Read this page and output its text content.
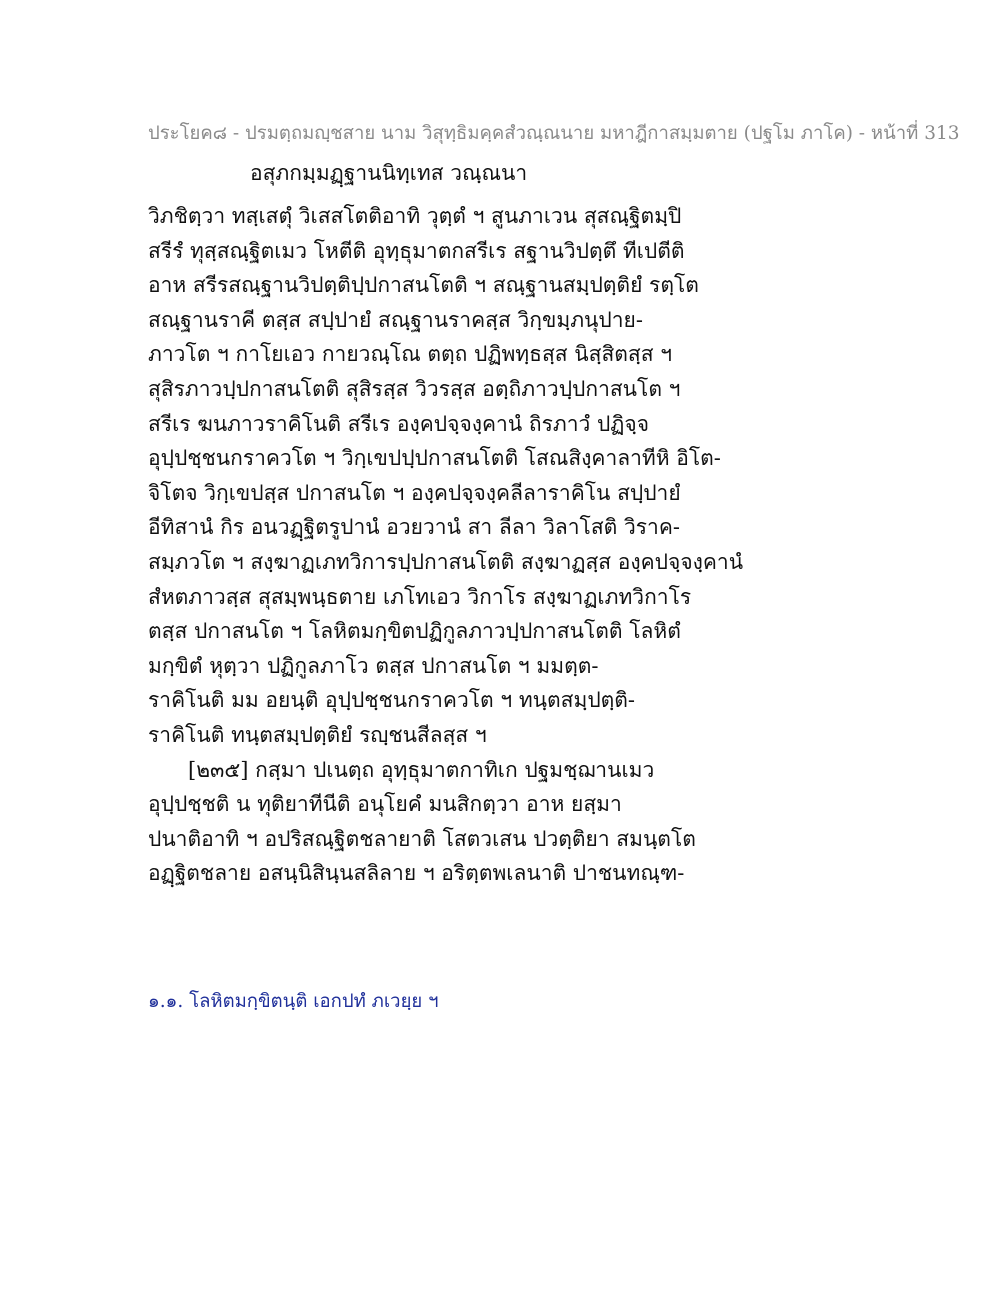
ประโยค๘ - ปรมตฺถมญฺชสาย นาม วิสุทฺธิมคฺคสํวณฺณนาย มหาฎีกาสมฺมตาย (ปฐโม ภาโค) - หน้าที่ 313
อสุภกมฺมฏฺฐานนิทฺเทส วณฺณนา
วิภชิตฺวา ทสฺเสตุํ วิเสสโตติอาทิ วุตฺตํ ฯ สูนภาเวน สุสณฺฐิตมฺปิ
สรีรํ ทุสฺสณฺฐิตเมว โหตีติ อุทฺธุมาตกสรีเร สฐานวิปตฺตึ ทีเปตีติ
อาห สรีรสณฺฐานวิปตฺติปฺปกาสนโตติ ฯ สณฺฐานสมฺปตฺติยํ รตฺโต
สณฺฐานราคี ตสฺส สปฺปายํ สณฺฐานราคสฺส วิกฺขมฺภนุปาย-
ภาวโต ฯ กาโยเอว กายวณฺโณ ตตฺถ ปฏิพทฺธสฺส นิสฺสิตสฺส ฯ
สุสิรภาวปฺปกาสนโตติ สุสิรสฺส วิวรสฺส อตฺถิภาวปฺปกาสนโต ฯ
สรีเร ฆนภาวราคิโนติ สรีเร องฺคปจฺจงฺคานํ ถิรภาวํ ปฏิจฺจ
อุปฺปชฺชนกราควโต ฯ วิกฺเขปปฺปกาสนโตติ โสณสิงฺคาลาทีหิ อิโต-
จิโตจ วิกฺเขปสฺส ปกาสนโต ฯ องฺคปจฺจงฺคลีลาราคิโน สปฺปายํ
อีทิสานํ กิร อนวฏฺฐิตรูปานํ อวยวานํ สา ลีลา วิลาโสติ วิราค-
สมฺภวโต ฯ สงฺฆาฏเภทวิการปฺปกาสนโตติ สงฺฆาฏสฺส องฺคปจฺจงฺคานํ
สํหตภาวสฺส สุสมฺพนฺธตาย เภโทเอว วิกาโร สงฺฆาฏเภทวิกาโร
ตสฺส ปกาสนโต ฯ โลหิตมกฺขิตปฏิกูลภาวปฺปกาสนโตติ โลหิตํ
มกฺขิตํ หุตฺวา ปฏิกูลภาโว ตสฺส ปกาสนโต ฯ มมตฺต-
ราคิโนติ มม อยนฺติ อุปฺปชฺชนกราควโต ฯ ทนฺตสมฺปตฺติ-
ราคิโนติ ทนฺตสมฺปตฺติยํ รญฺชนสีลสฺส ฯ
[๒๓๕] กสฺมา ปเนตฺถ อุทฺธุมาตกาทิเก ปฐมชฺฌานเมว
อุปฺปชฺชติ น ทุติยาทีนีติ อนุโยคํ มนสิกตฺวา อาห ยสฺมา
ปนาติอาทิ ฯ อปริสณฺฐิตชลายาติ โสตวเสน ปวตฺติยา สมนฺตโต
อฏฺฐิตชลาย อสนฺนิสินฺนสลิลาย ฯ อริตฺตพเลนาติ ปาชนทณฺฑ-
๑.๑. โลหิตมกฺขิตนฺติ เอกปทํ ภเวยฺย ฯ
